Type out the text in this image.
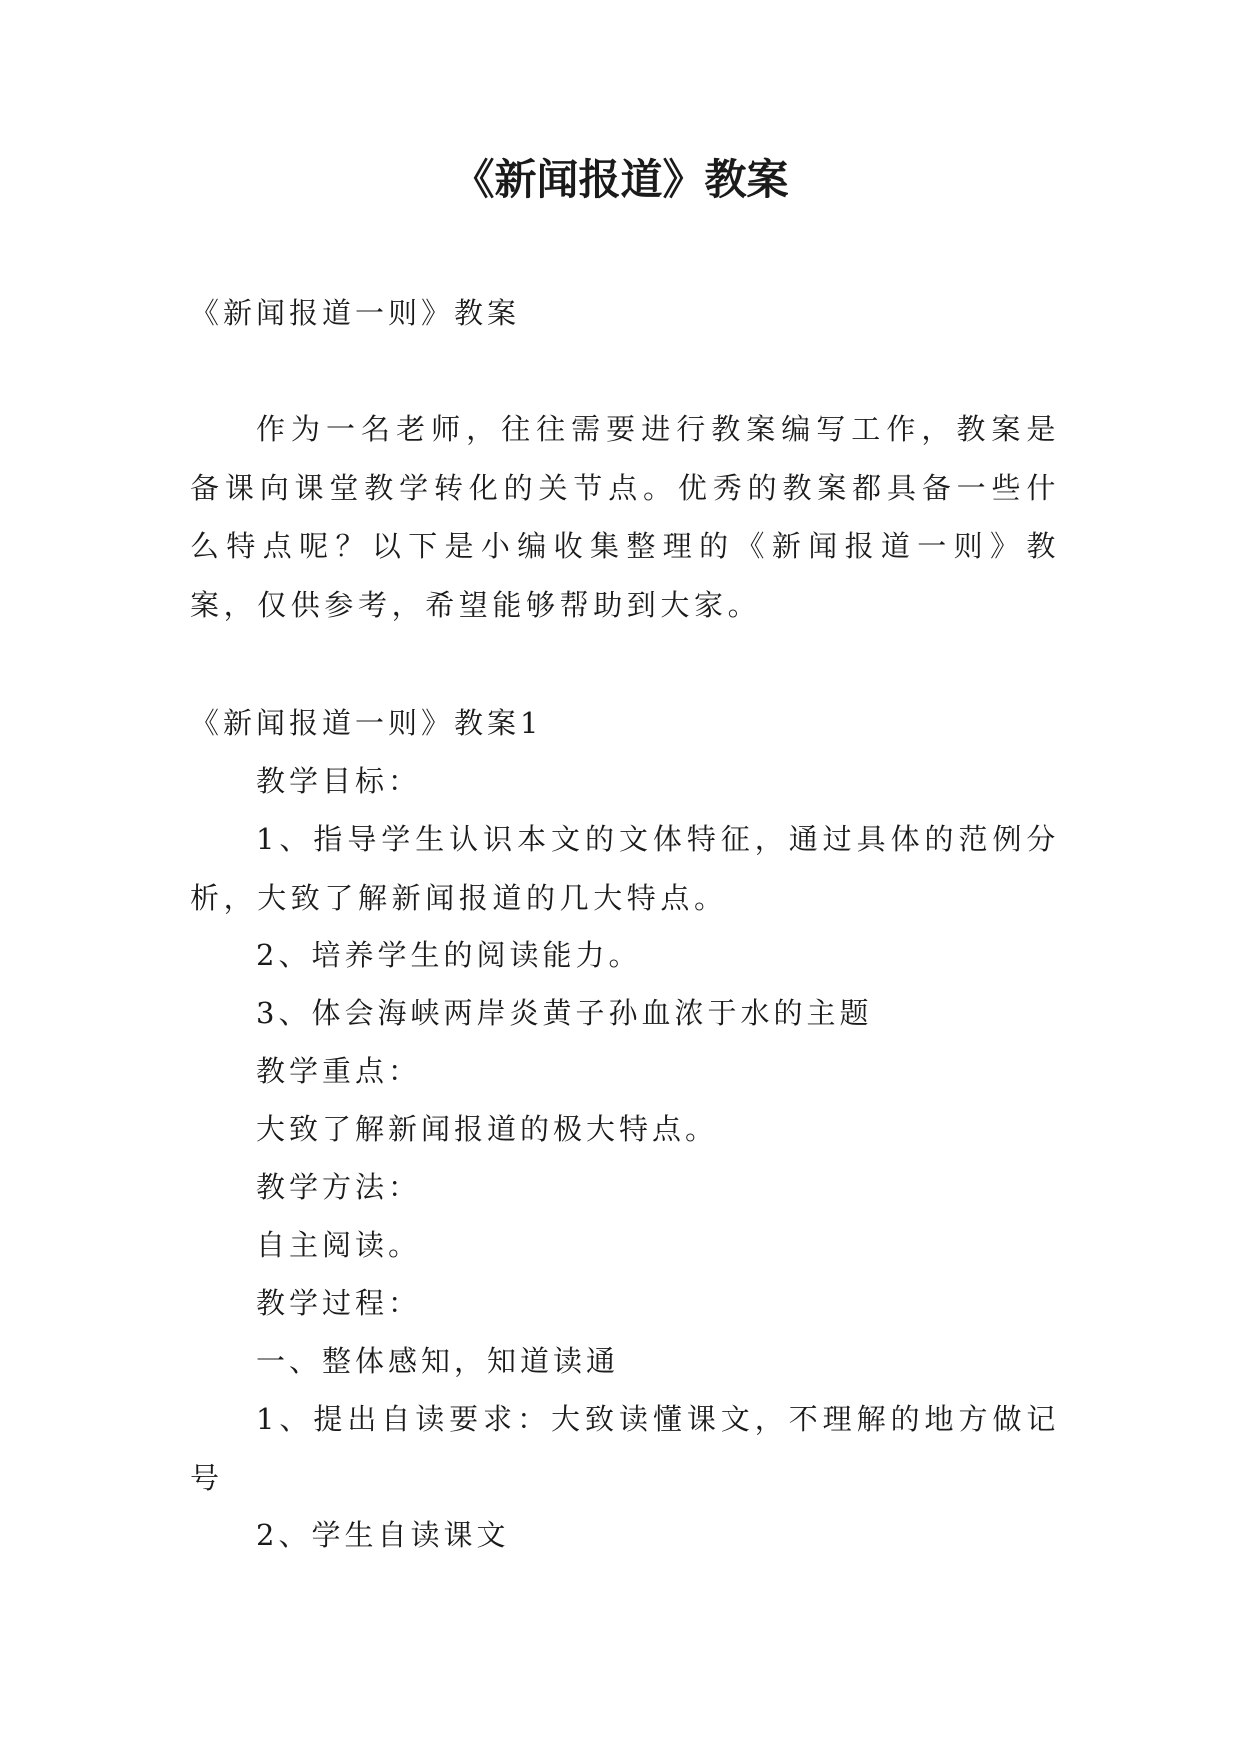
《新闻报道》教案

《新闻报道一则》教案

作为一名老师，往往需要进行教案编写工作，教案是备课向课堂教学转化的关节点。优秀的教案都具备一些什么特点呢？以下是小编收集整理的《新闻报道一则》教案，仅供参考，希望能够帮助到大家。

《新闻报道一则》教案1

教学目标：

1、指导学生认识本文的文体特征，通过具体的范例分析，大致了解新闻报道的几大特点。

2、培养学生的阅读能力。

3、体会海峡两岸炎黄子孙血浓于水的主题

教学重点：

大致了解新闻报道的极大特点。

教学方法：

自主阅读。

教学过程：

一、整体感知，知道读通

1、提出自读要求：大致读懂课文，不理解的地方做记号

2、学生自读课文
